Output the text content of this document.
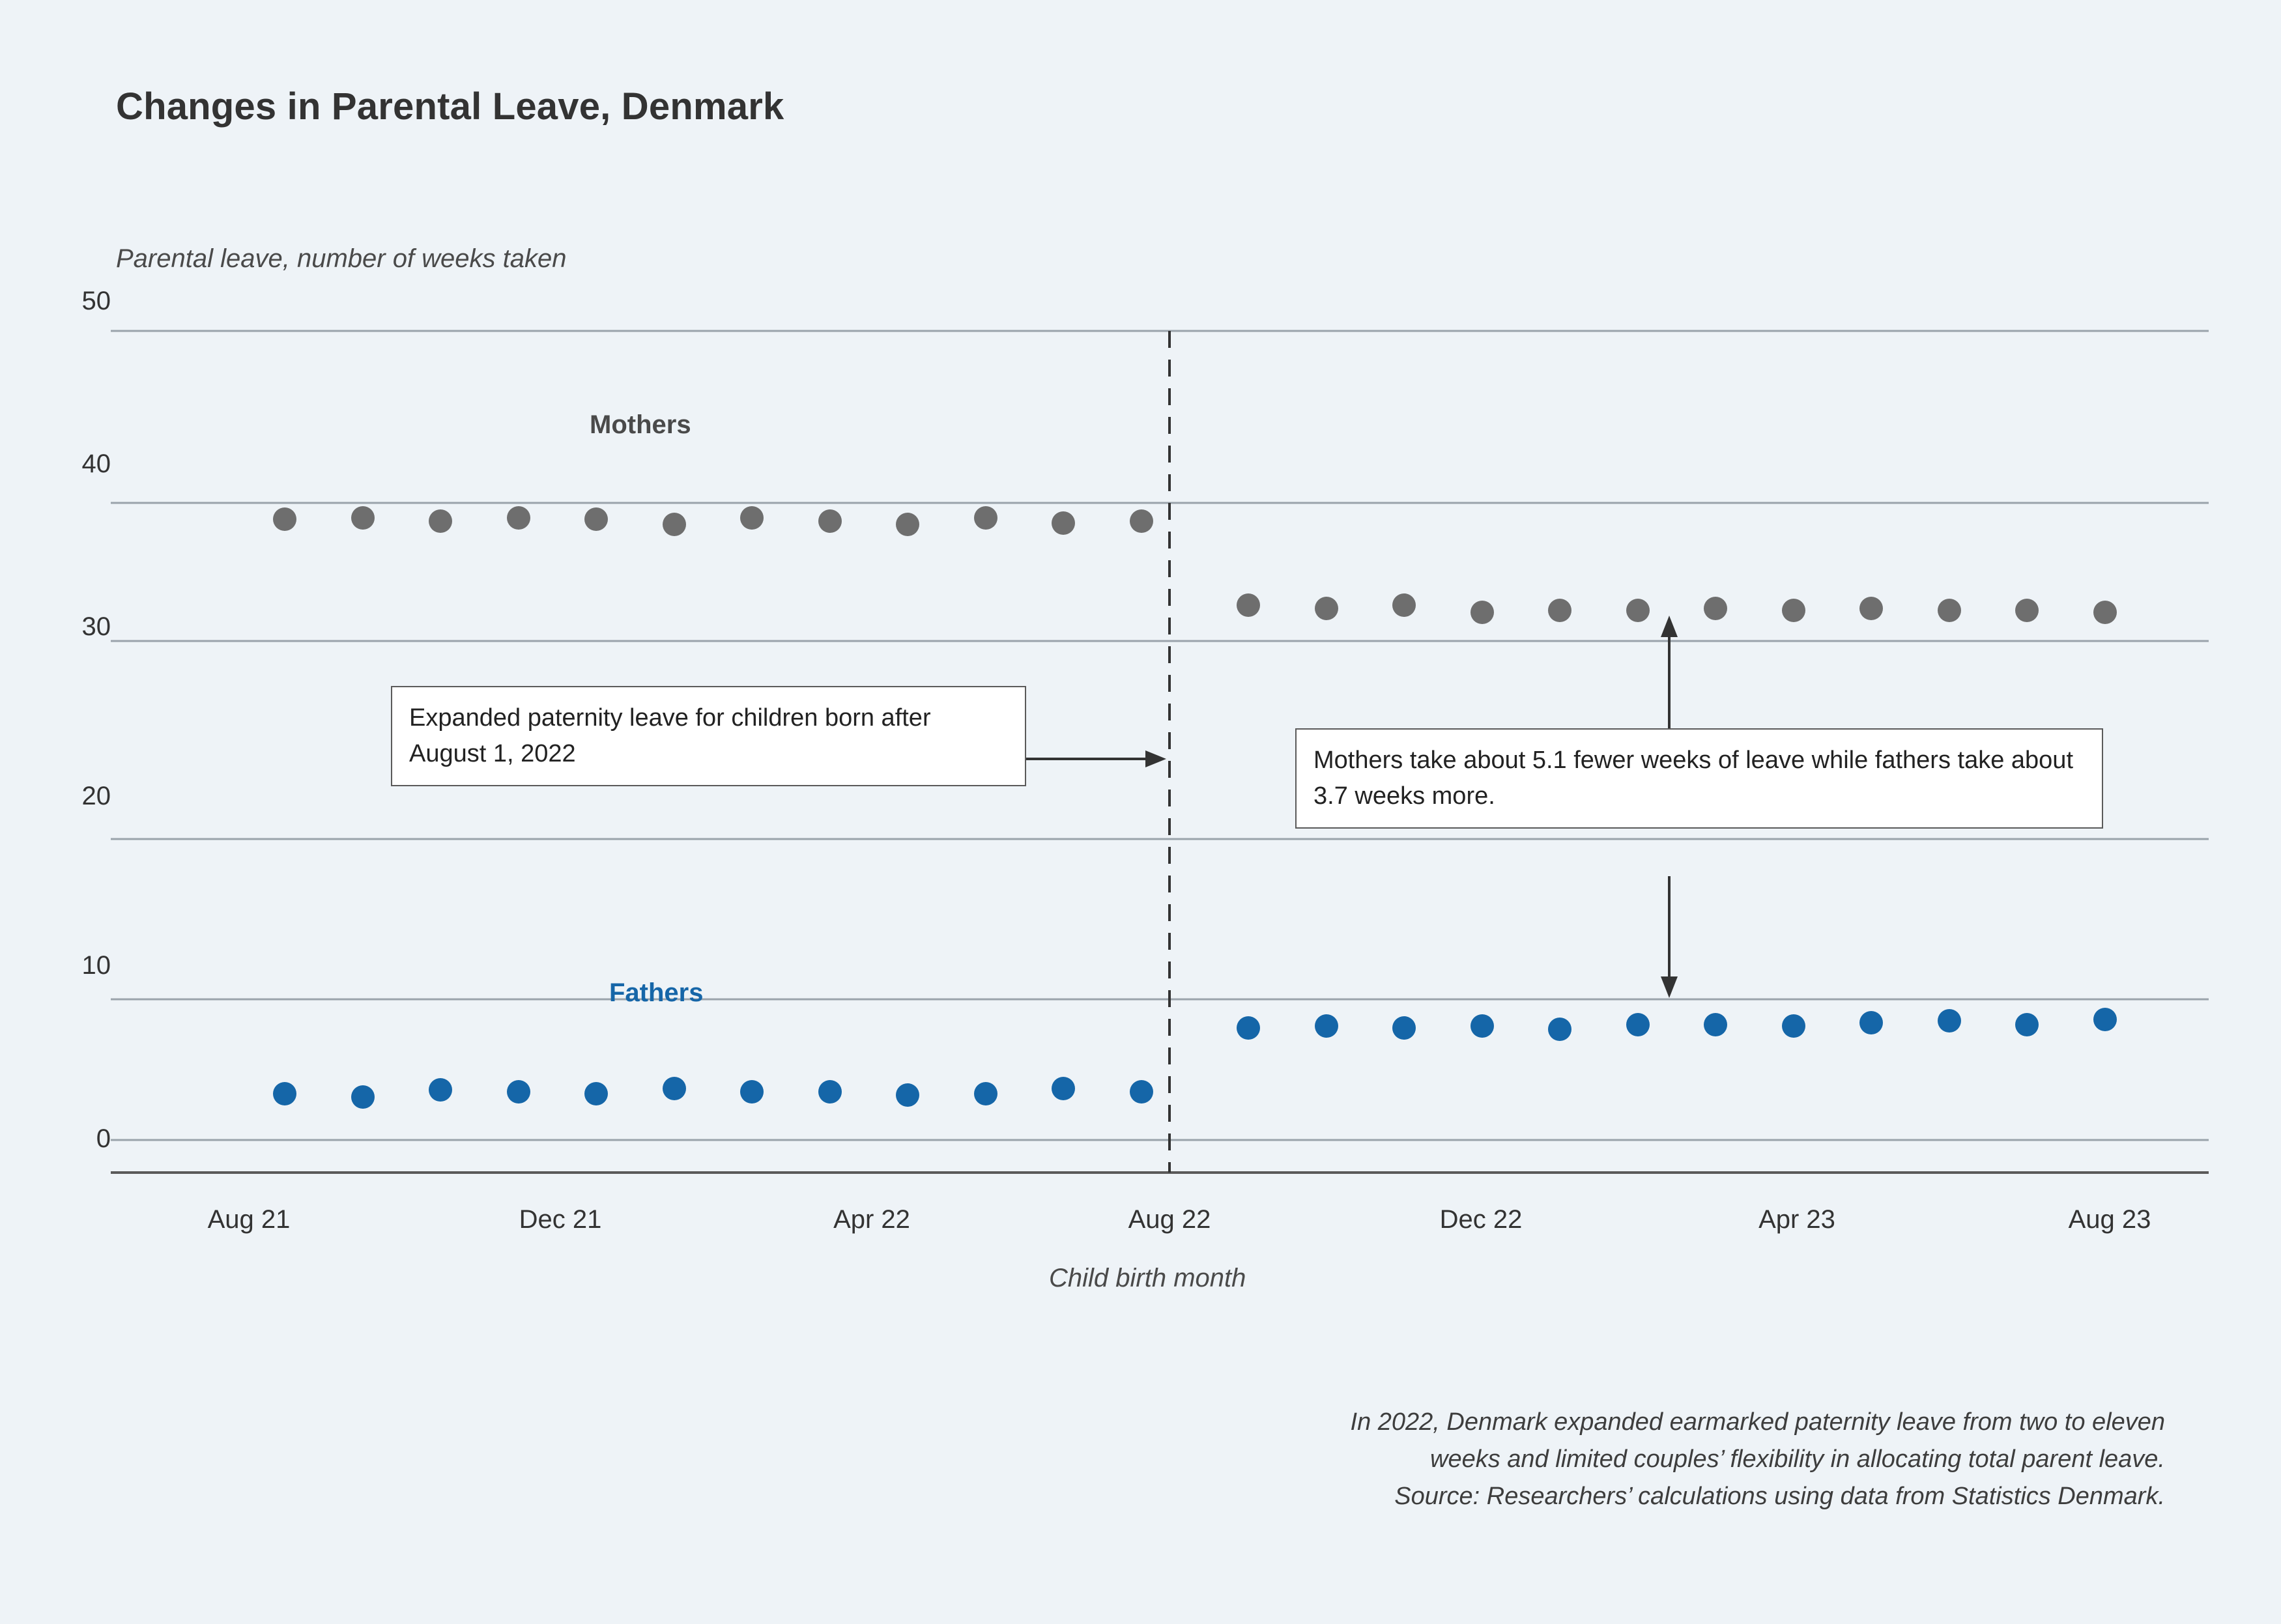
Changes in Parental Leave, Denmark
Parental leave, number of weeks taken
Child birth month
0
10
20
30
40
50
Aug 21	Dec 21	Apr 22	Aug 22	Dec 22	Apr 23	Aug 23
Mothers
Fathers
Expanded paternity leave for children born after August 1, 2022	Mothers take about 5.1 fewer weeks of leave while fathers take about 3.7 weeks more.
In 2022, Denmark expanded earmarked paternity leave from two to eleven
weeks and limited couples’ flexibility in allocating total parent leave.
Source: Researchers’ calculations using data from Statistics Denmark.
